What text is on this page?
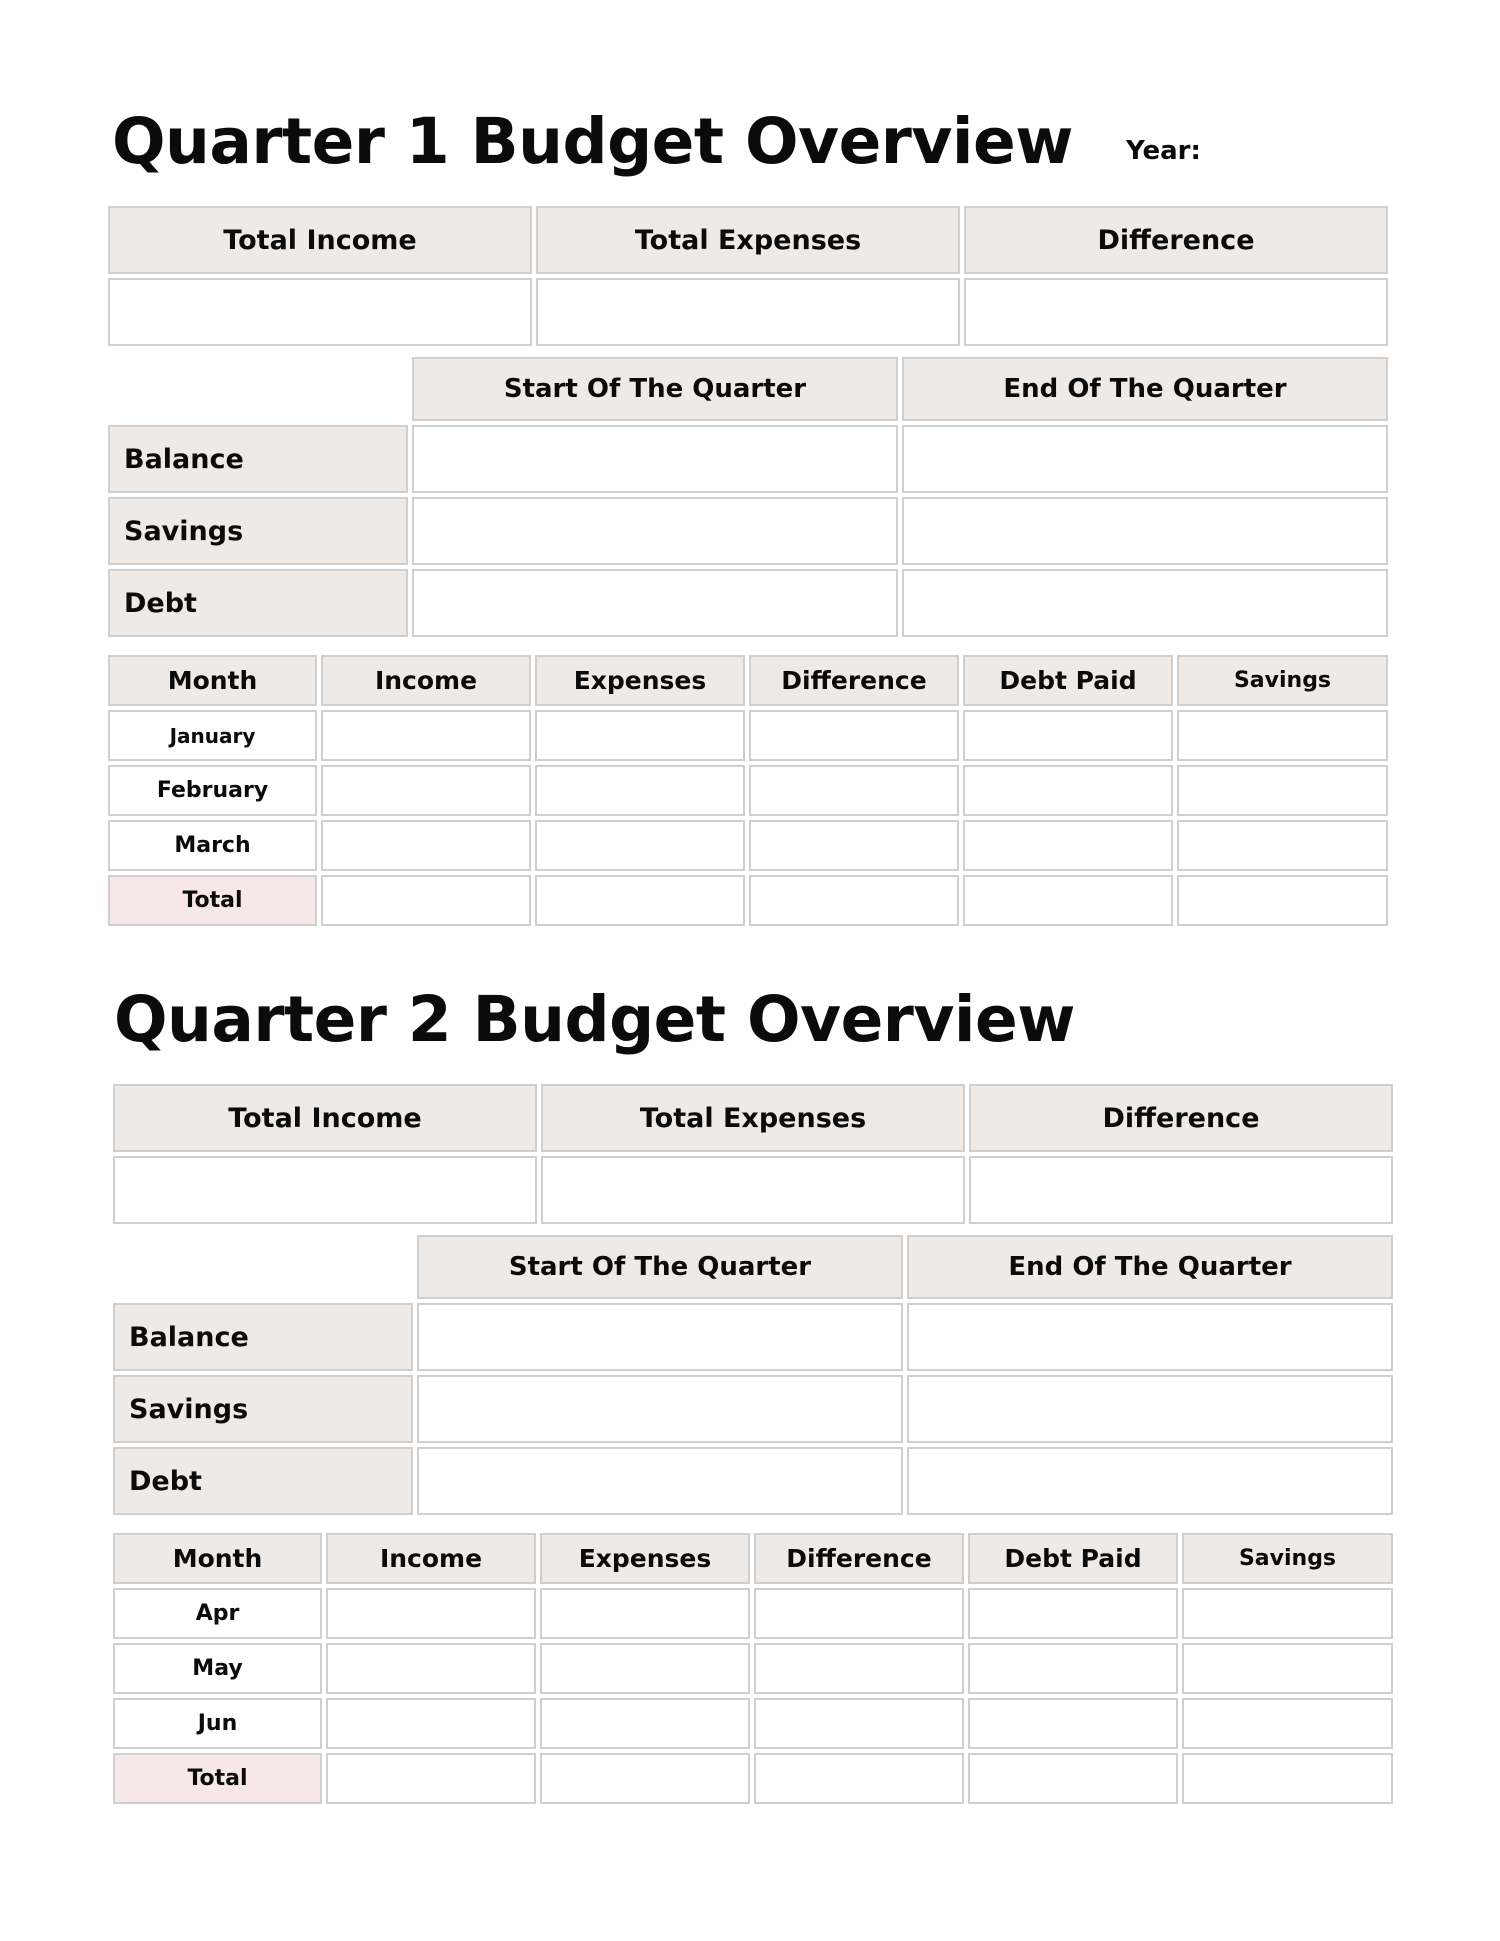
Quarter 1 Budget Overview Year:
Total Income	Total Expenses	Difference
Start Of The Quarter	End Of The Quarter
Balance
Savings
Debt
Month	Income	Expenses	Difference	Debt Paid	Savings
January
February
March
Total
Quarter 2 Budget Overview
Total Income	Total Expenses	Difference
Start Of The Quarter	End Of The Quarter
Balance
Savings
Debt
Month	Income	Expenses	Difference	Debt Paid	Savings
Apr
May
Jun
Total
